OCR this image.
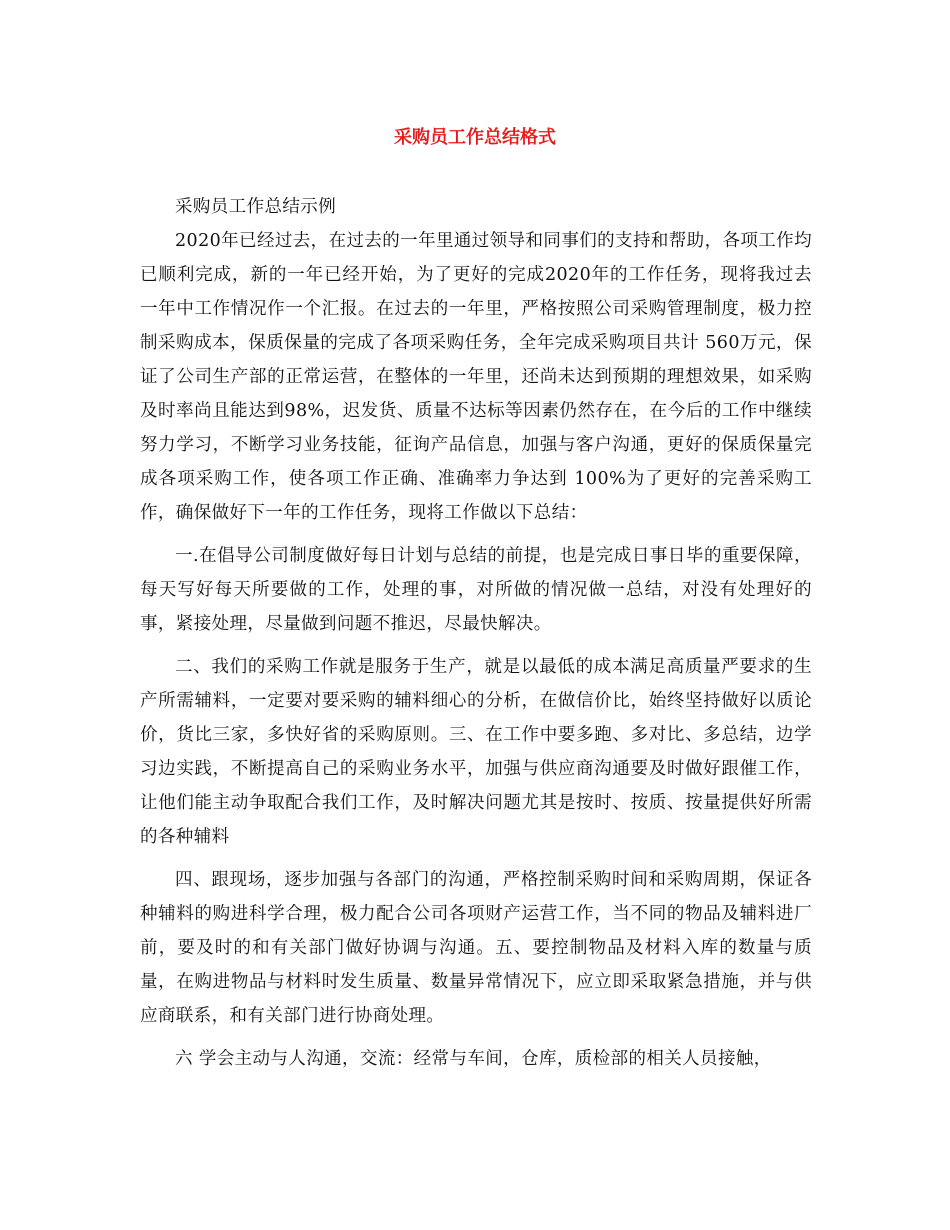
采购员工作总结格式

采购员工作总结示例

2020年已经过去，在过去的一年里通过领导和同事们的支持和帮助，各项工作均已顺利完成，新的一年已经开始，为了更好的完成2020年的工作任务，现将我过去一年中工作情况作一个汇报。在过去的一年里，严格按照公司采购管理制度，极力控制采购成本，保质保量的完成了各项采购任务，全年完成采购项目共计 560万元，保证了公司生产部的正常运营，在整体的一年里，还尚未达到预期的理想效果，如采购及时率尚且能达到98%，迟发货、质量不达标等因素仍然存在，在今后的工作中继续努力学习，不断学习业务技能，征询产品信息，加强与客户沟通，更好的保质保量完成各项采购工作，使各项工作正确、准确率力争达到 100%为了更好的完善采购工作，确保做好下一年的工作任务，现将工作做以下总结：

一.在倡导公司制度做好每日计划与总结的前提，也是完成日事日毕的重要保障，每天写好每天所要做的工作，处理的事，对所做的情况做一总结，对没有处理好的事，紧接处理，尽量做到问题不推迟，尽最快解决。

二、我们的采购工作就是服务于生产，就是以最低的成本满足高质量严要求的生产所需辅料，一定要对要采购的辅料细心的分析，在做信价比，始终坚持做好以质论价，货比三家，多快好省的采购原则。三、在工作中要多跑、多对比、多总结，边学习边实践，不断提高自己的采购业务水平，加强与供应商沟通要及时做好跟催工作，让他们能主动争取配合我们工作，及时解决问题尤其是按时、按质、按量提供好所需的各种辅料

四、跟现场，逐步加强与各部门的沟通，严格控制采购时间和采购周期，保证各种辅料的购进科学合理，极力配合公司各项财产运营工作，当不同的物品及辅料进厂前，要及时的和有关部门做好协调与沟通。五、要控制物品及材料入库的数量与质量，在购进物品与材料时发生质量、数量异常情况下，应立即采取紧急措施，并与供应商联系，和有关部门进行协商处理。

六 学会主动与人沟通，交流：经常与车间，仓库，质检部的相关人员接触，
